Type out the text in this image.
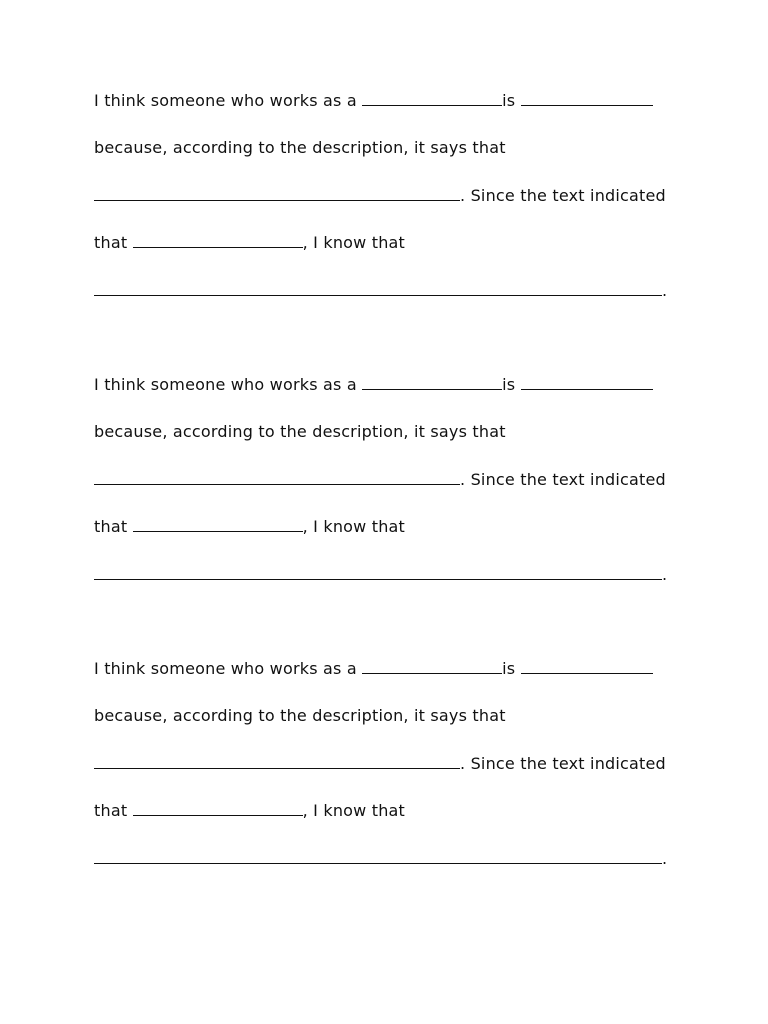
I think someone who works as a	is
because, according to the description, it says that
. Since the text indicated
that	, I know that
.
I think someone who works as a	is
because, according to the description, it says that
. Since the text indicated
that	, I know that
.
I think someone who works as a	is
because, according to the description, it says that
. Since the text indicated
that	, I know that
.
